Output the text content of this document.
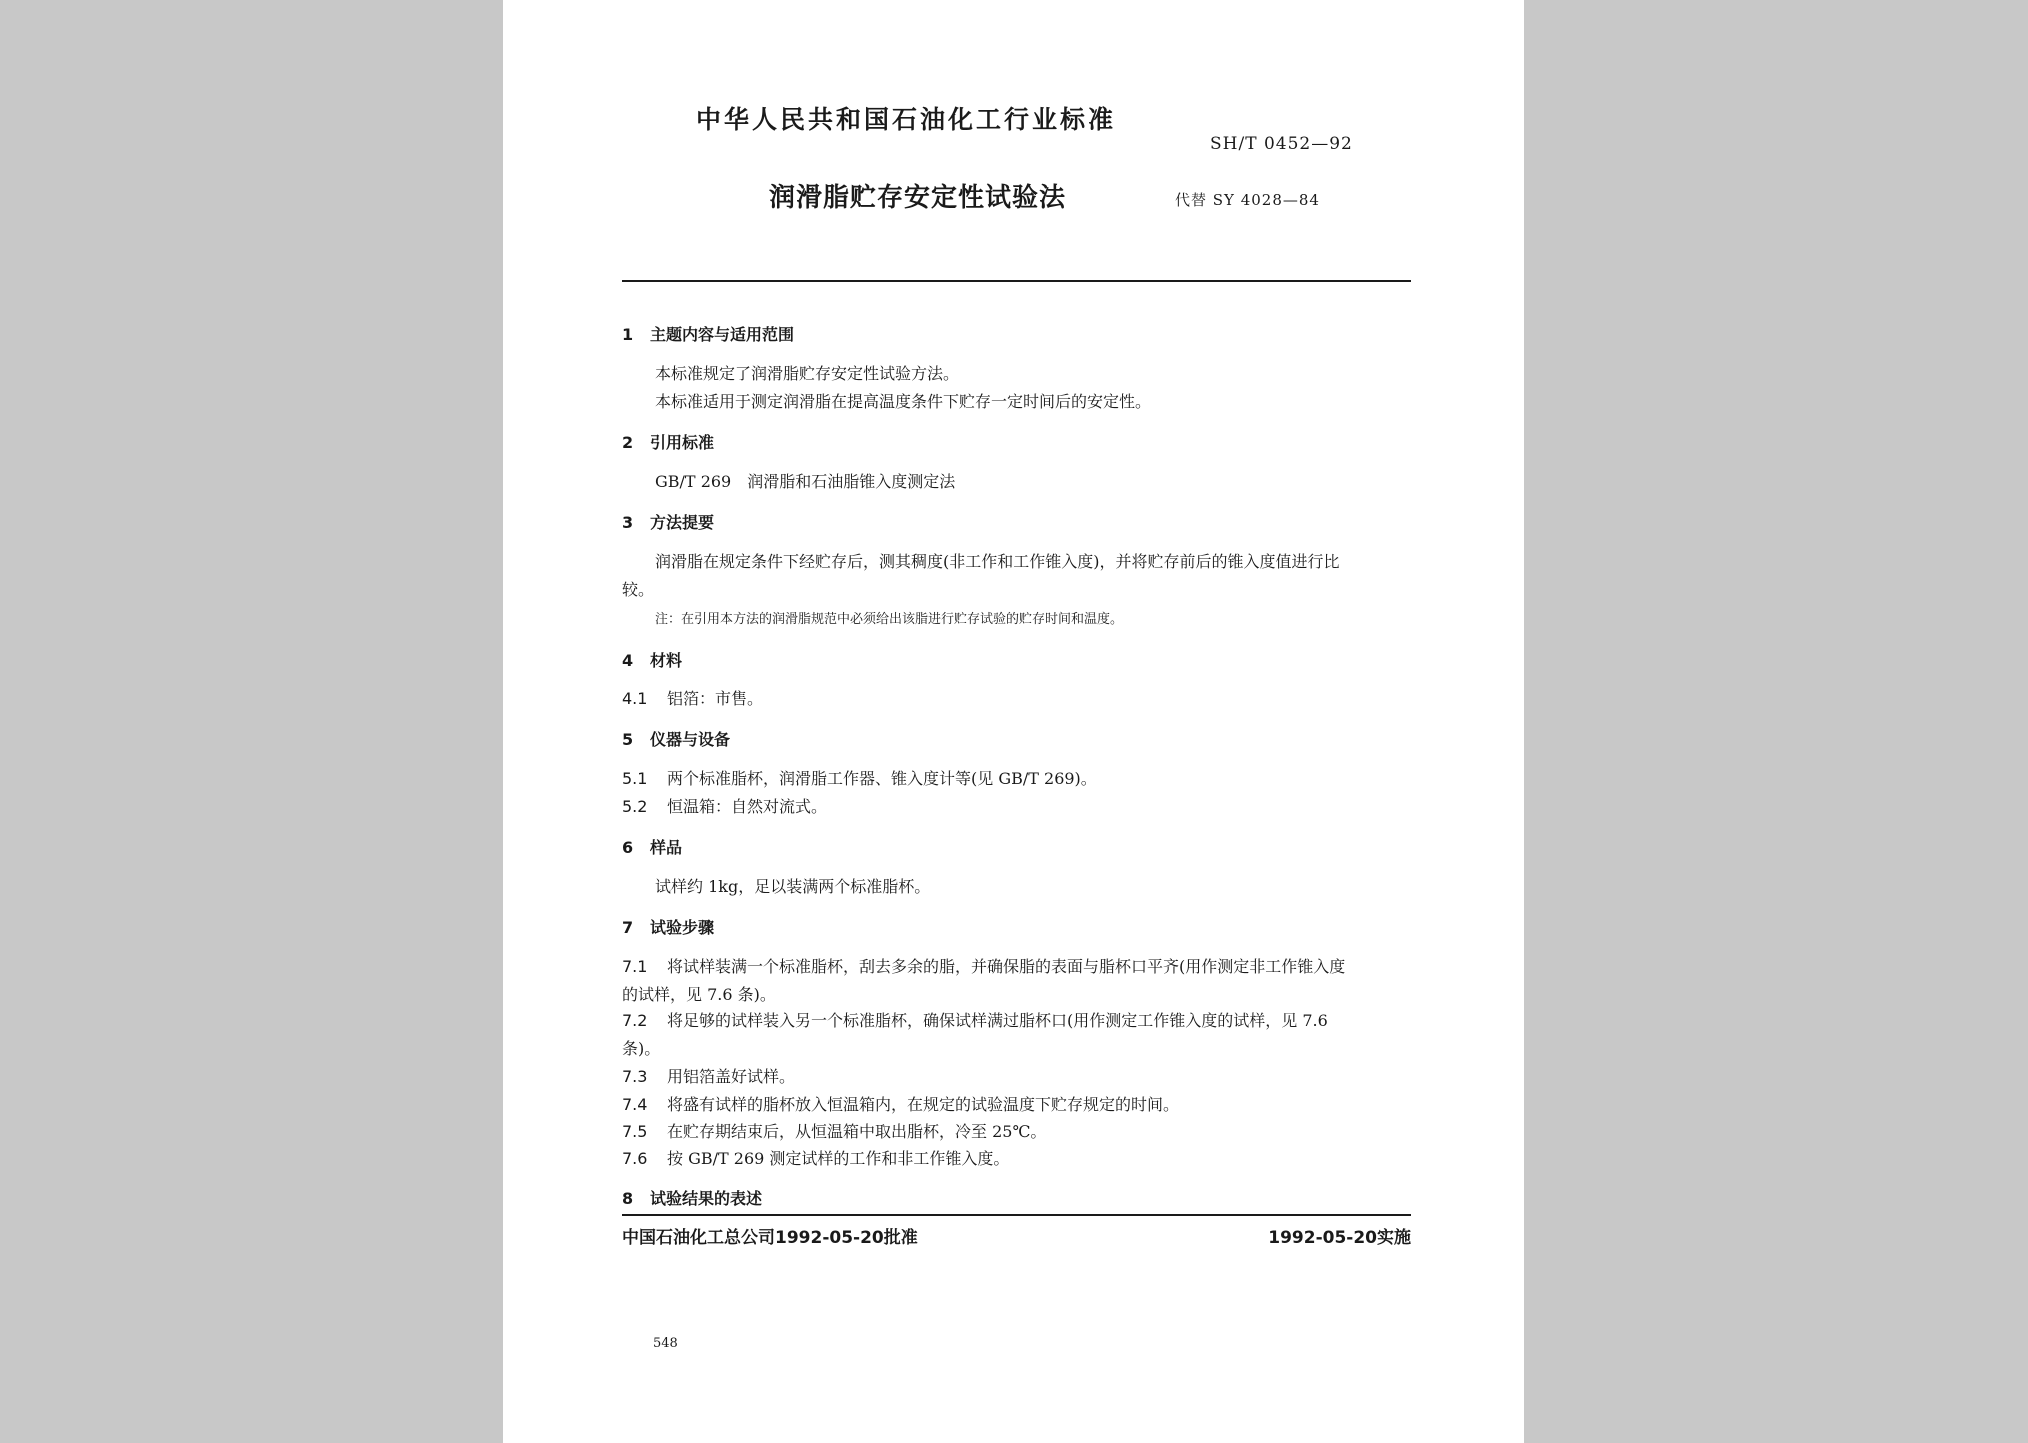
中华人民共和国石油化工行业标准
SH/T 0452—92
润滑脂贮存安定性试验法	代替 SY 4028—84
1 主题内容与适用范围
本标准规定了润滑脂贮存安定性试验方法。
本标准适用于测定润滑脂在提高温度条件下贮存一定时间后的安定性。
2 引用标准
GB/T 269　润滑脂和石油脂锥入度测定法
3 方法提要
润滑脂在规定条件下经贮存后，测其稠度(非工作和工作锥入度)，并将贮存前后的锥入度值进行比
较。
注：在引用本方法的润滑脂规范中必须给出该脂进行贮存试验的贮存时间和温度。
4 材料
4.1 铝箔：市售。
5 仪器与设备
5.1 两个标准脂杯，润滑脂工作器、锥入度计等(见 GB/T 269)。
5.2 恒温箱：自然对流式。
6 样品
试样约 1kg，足以装满两个标准脂杯。
7 试验步骤
7.1 将试样装满一个标准脂杯，刮去多余的脂，并确保脂的表面与脂杯口平齐(用作测定非工作锥入度
的试样，见 7.6 条)。
7.2 将足够的试样装入另一个标准脂杯，确保试样满过脂杯口(用作测定工作锥入度的试样，见 7.6
条)。
7.3 用铝箔盖好试样。
7.4 将盛有试样的脂杯放入恒温箱内，在规定的试验温度下贮存规定的时间。
7.5 在贮存期结束后，从恒温箱中取出脂杯，冷至 25℃。
7.6 按 GB/T 269 测定试样的工作和非工作锥入度。
8 试验结果的表述
中国石油化工总公司1992-05-20批准	1992-05-20实施
548
